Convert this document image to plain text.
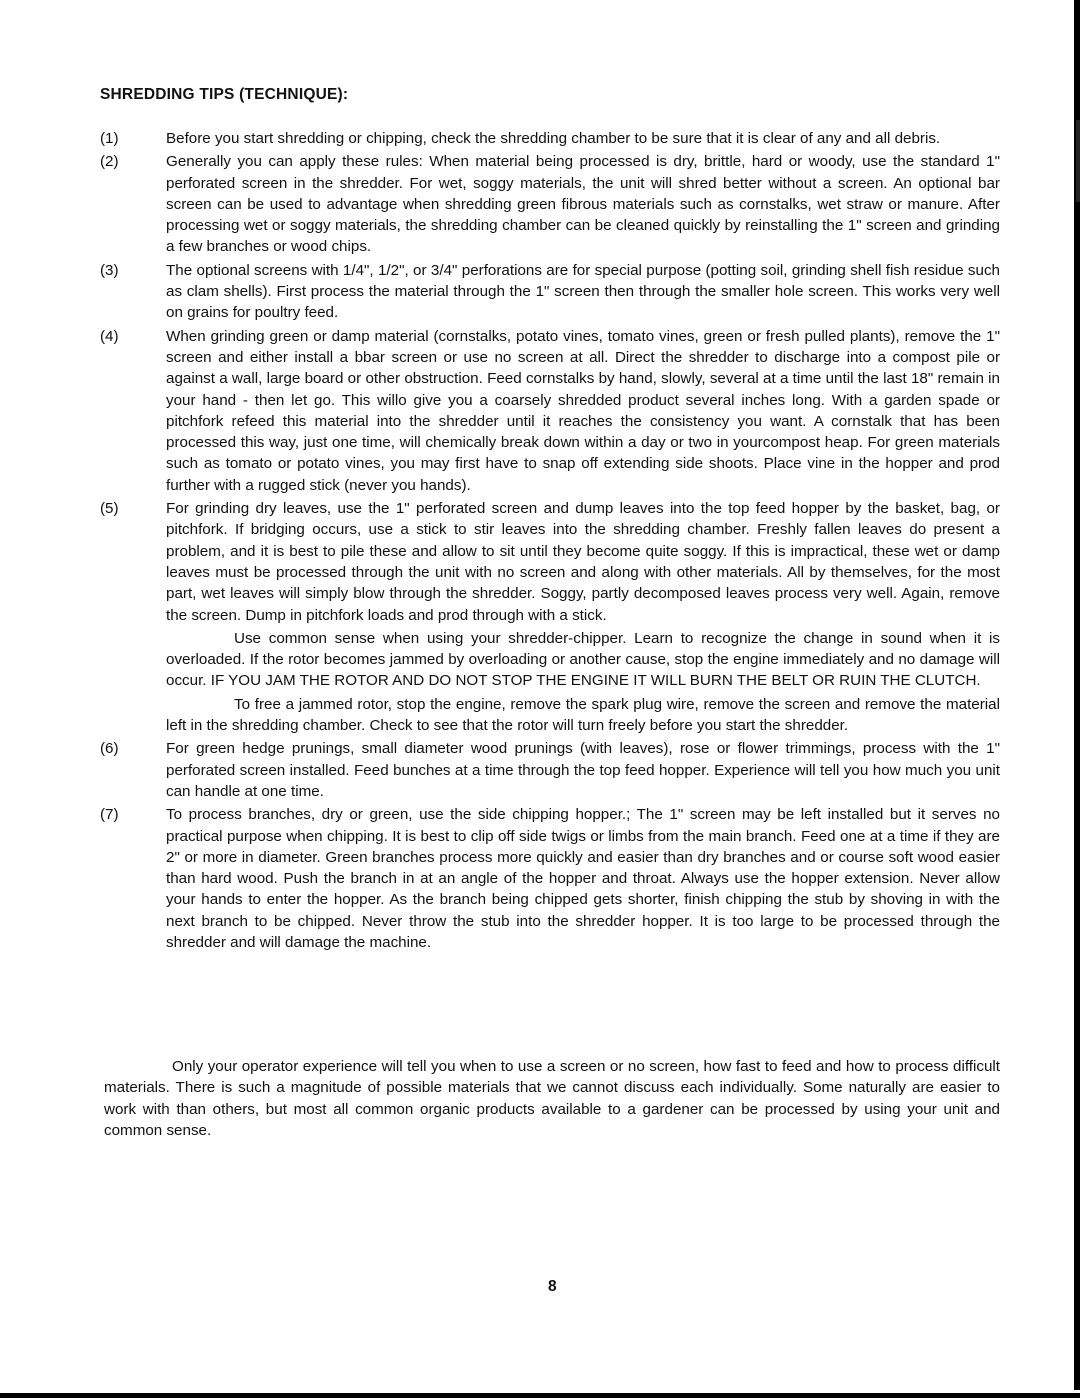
SHREDDING TIPS (TECHNIQUE):
(1)	Before you start shredding or chipping, check the shredding chamber to be sure that it is clear of any and all debris.
(2)	Generally you can apply these rules: When material being processed is dry, brittle, hard or woody, use the standard 1" perforated screen in the shredder. For wet, soggy materials, the unit will shred better without a screen. An optional bar screen can be used to advantage when shredding green fibrous materials such as cornstalks, wet straw or manure. After processing wet or soggy materials, the shredding chamber can be cleaned quickly by reinstalling the 1" screen and grinding a few branches or wood chips.
(3)	The optional screens with 1/4", 1/2", or 3/4" perforations are for special purpose (potting soil, grinding shell fish residue such as clam shells). First process the material through the 1" screen then through the smaller hole screen. This works very well on grains for poultry feed.
(4)	When grinding green or damp material (cornstalks, potato vines, tomato vines, green or fresh pulled plants), remove the 1" screen and either install a bbar screen or use no screen at all. Direct the shredder to discharge into a compost pile or against a wall, large board or other obstruction. Feed cornstalks by hand, slowly, several at a time until the last 18" remain in your hand - then let go. This willo give you a coarsely shredded product several inches long. With a garden spade or pitchfork refeed this material into the shredder until it reaches the consistency you want. A cornstalk that has been processed this way, just one time, will chemically break down within a day or two in yourcompost heap. For green materials such as tomato or potato vines, you may first have to snap off extending side shoots. Place vine in the hopper and prod further with a rugged stick (never you hands).
(5)	For grinding dry leaves, use the 1" perforated screen and dump leaves into the top feed hopper by the basket, bag, or pitchfork. If bridging occurs, use a stick to stir leaves into the shredding chamber. Freshly fallen leaves do present a problem, and it is best to pile these and allow to sit until they become quite soggy. If this is impractical, these wet or damp leaves must be processed through the unit with no screen and along with other materials. All by themselves, for the most part, wet leaves will simply blow through the shredder. Soggy, partly decomposed leaves process very well. Again, remove the screen. Dump in pitchfork loads and prod through with a stick.

Use common sense when using your shredder-chipper. Learn to recognize the change in sound when it is overloaded. If the rotor becomes jammed by overloading or another cause, stop the engine immediately and no damage will occur. IF YOU JAM THE ROTOR AND DO NOT STOP THE ENGINE IT WILL BURN THE BELT OR RUIN THE CLUTCH.

To free a jammed rotor, stop the engine, remove the spark plug wire, remove the screen and remove the material left in the shredding chamber. Check to see that the rotor will turn freely before you start the shredder.

(6)	For green hedge prunings, small diameter wood prunings (with leaves), rose or flower trimmings, process with the 1" perforated screen installed. Feed bunches at a time through the top feed hopper. Experience will tell you how much you unit can handle at one time.
(7)	To process branches, dry or green, use the side chipping hopper.; The 1" screen may be left installed but it serves no practical purpose when chipping. It is best to clip off side twigs or limbs from the main branch. Feed one at a time if they are 2" or more in diameter. Green branches process more quickly and easier than dry branches and or course soft wood easier than hard wood. Push the branch in at an angle of the hopper and throat. Always use the hopper extension. Never allow your hands to enter the hopper. As the branch being chipped gets shorter, finish chipping the stub by shoving in with the next branch to be chipped. Never throw the stub into the shredder hopper. It is too large to be processed through the shredder and will damage the machine.
Only your operator experience will tell you when to use a screen or no screen, how fast to feed and how to process difficult materials. There is such a magnitude of possible materials that we cannot discuss each individually. Some naturally are easier to work with than others, but most all common organic products available to a gardener can be processed by using your unit and common sense.
8
